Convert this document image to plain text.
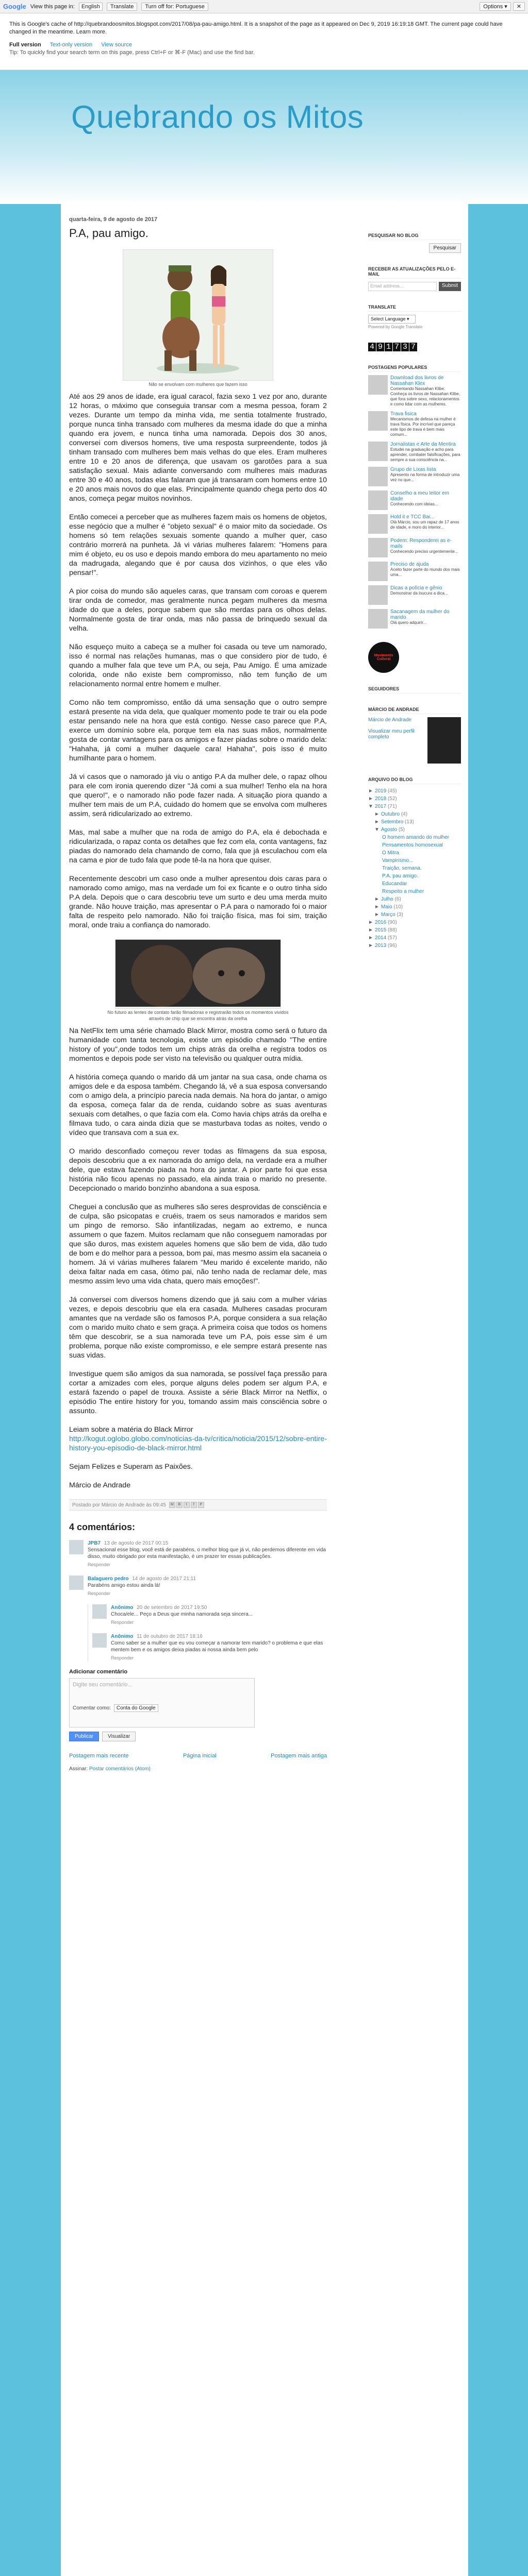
Google View this page in:	English	Translate	Turn off for: Portuguese	Options ▾	✕
This is Google's cache of http://quebrandoosmitos.blogspot.com/2017/08/pa-pau-amigo.html. It is a snapshot of the page as it appeared on Dec 9, 2019 16:19:18 GMT. The current page could have changed in the meantime. Learn more.
Full version Text-only version View source
Tip: To quickly find your search term on this page, press Ctrl+F or ⌘-F (Mac) and use the find bar.
Quebrando os Mitos
quarta-feira, 9 de agosto de 2017
P.A, pau amigo.
Não se envolvam com mulheres que fazem isso

Até aos 29 anos de idade, era igual caracol, fazia sexo 1 vez por ano, durante 12 horas, o máximo que conseguia transar com a mesma pessoa, foram 2 vezes. Durante um tempo da minha vida, me sentia totalmente frustrado, porque nunca tinha transado com mulheres da mesma idade do que a minha quando era jovem, e nunca tinha uma namorada. Depois dos 30 anos, conversei com diversos homens, tive uma resposta surpreendente, todos já tinham transado com mulheres bem mais velhas do que eles. Eram mulheres entre 10 e 20 anos de diferença, que usavam os garotões para a sua satisfação sexual. Mais adiante conversando com mulheres mais maduras entre 30 e 40 anos, todas elas falaram que já transaram com homens entre 10 e 20 anos mais novos do que elas. Principalmente quando chega perto dos 40 anos, começa pegar muitos novinhos.

Então comecei a perceber que as mulheres fazem mais os homens de objetos, esse negócio que a mulher é "objeto sexual" é o maior mito da sociedade. Os homens só tem relações sexuais somente quando a mulher quer, caso contrário morrerá na punheta. Já vi várias mulheres falarem: "Homens para mim é objeto, eu os uso e depois mando embora do meu apartamento no meio da madrugada, alegando que é por causa dos vizinhos, o que eles vão pensar!".

A pior coisa do mundo são aqueles caras, que transam com coroas e querem tirar onda de comedor, mas geralmente nunca pegam mulheres da mesma idade do que a deles, porque sabem que são merdas para os olhos delas. Normalmente gosta de tirar onda, mas não passa de brinquedo sexual da velha.

Não esqueço muito a cabeça se a mulher foi casada ou teve um namorado, isso é normal nas relações humanas, mas o que considero pior de tudo, é quando a mulher fala que teve um P.A, ou seja, Pau Amigo. É uma amizade colorida, onde não existe bem compromisso, não tem função de um relacionamento normal entre homem e mulher.

Como não tem compromisso, então dá uma sensação que o outro sempre estará presente na vida dela, que qualquer momento pode te trair ou ela pode estar pensando nele na hora que está contigo. Nesse caso parece que P.A, exerce um domínio sobre ela, porque tem ela nas suas mãos, normalmente gosta de contar vantagens para os amigos e fazer piadas sobre o marido dela: "Hahaha, já comi a mulher daquele cara! Hahaha", pois isso é muito humilhante para o homem.

Já vi casos que o namorado já viu o antigo P.A da mulher dele, o rapaz olhou para ele com ironia querendo dizer "Já comi a sua mulher! Tenho ela na hora que quero!", e o namorado não pode fazer nada. A situação piora quando a mulher tem mais de um P.A, cuidado do homem que se envolva com mulheres assim, será ridicularizado ao extremo.

Mas, mal sabe a mulher que na roda de amigo do P.A, ela é debochada e ridicularizada, o rapaz conta os detalhes que fez com ela, conta vantagens, faz piadas do namorado dela chamando de corno, fala que já esculachou com ela na cama e pior de tudo fala que pode tê-la na hora que quiser.

Recentemente descobri um caso onde a mulher apresentou dois caras para o namorado como amigo, mas na verdade um foi ex ficante e o outro tinha sido P.A dela. Depois que o cara descobriu teve um surto e deu uma merda muito grande. Não houve traição, mas apresentar o P.A para o namorado foi o maior falta de respeito pelo namorado. Não foi traição física, mas foi sim, traição moral, onde traiu a confiança do namorado.

No futuro as lentes de contato farão filmadoras e registrarão todos os momentos vividos
através de chip que se encontra atrás da orelha

Na NetFlix tem uma série chamado Black Mirror, mostra como será o futuro da humanidade com tanta tecnologia, existe um episódio chamado "The entire history of you",onde todos tem um chips atrás da orelha e registra todos os momentos e depois pode ser visto na televisão ou qualquer outra mídia.

A história começa quando o marido dá um jantar na sua casa, onde chama os amigos dele e da esposa também. Chegando lá, vê a sua esposa conversando com o amigo dela, a princípio parecia nada demais. Na hora do jantar, o amigo da esposa, começa falar da de renda, cuidando sobre as suas aventuras sexuais com detalhes, o que fazia com ela. Como havia chips atrás da orelha e filmava tudo, o cara ainda dizia que se masturbava todas as noites, vendo o vídeo que transava com a sua ex.

O marido desconfiado começou rever todas as filmagens da sua esposa, depois descobriu que a ex namorada do amigo dela, na verdade era a mulher dele, que estava fazendo piada na hora do jantar. A pior parte foi que essa história não ficou apenas no passado, ela ainda traia o marido no presente. Decepcionado o marido bonzinho abandona a sua esposa.

Cheguei a conclusão que as mulheres são seres desprovidas de consciência e de culpa, são psicopatas e cruéis, traem os seus namorados e maridos sem um pingo de remorso. São infantilizadas, negam ao extremo, e nunca assumem o que fazem. Muitos reclamam que não conseguem namoradas por que são duros, mas existem aqueles homens que são bem de vida, dão tudo de bom e do melhor para a pessoa, bom pai, mas mesmo assim ela sacaneia o homem. Já vi várias mulheres falarem "Meu marido é excelente marido, não deixa faltar nada em casa, ótimo pai, não tenho nada de reclamar dele, mas mesmo assim levo uma vida chata, quero mais emoções!".

Já conversei com diversos homens dizendo que já saiu com a mulher várias vezes, e depois descobriu que ela era casada. Mulheres casadas procuram amantes que na verdade são os famosos P.A, porque considera a sua relação com o marido muito chato e sem graça. A primeira coisa que todos os homens têm que descobrir, se a sua namorada teve um P.A, pois esse sim é um problema, porque não existe compromisso, e ele sempre estará presente nas suas vidas.

Investigue quem são amigos da sua namorada, se possível faça pressão para cortar a amizades com eles, porque alguns deles podem ser algum P.A, e estará fazendo o papel de trouxa. Assiste a série Black Mirror na Netflix, o episódio The entire history for you, tomando assim mais consciência sobre o assunto.

Leiam sobre a matéria do Black Mirror
http://kogut.oglobo.globo.com/noticias-da-tv/critica/noticia/2015/12/sobre-entire-history-you-episodio-de-black-mirror.html

Sejam Felizes e Superam as Paixões.

Márcio de Andrade

Postado por Márcio de Andrade às 09:45	M	B	t	f	P
4 comentários:
JPB7 13 de agosto de 2017 00:15
Sensacional esse blog, você está de parabéns, o melhor blog que já vi, não perdemos diferente em vida disso, muito obrigado por esta manifestação, é um prazer ter essas publicações.
Responder
Balaguero pedro 14 de agosto de 2017 21:11
Parabéns amigo estou ainda lá!
Responder
Anônimo 20 de setembro de 2017 19:50
Choca/ele... Peço a Deus que minha namorada seja sincera...
Responder
Anônimo 11 de outubro de 2017 18:16
Como saber se a mulher que eu vou começar a namorar tem marido? o problema e que elas mentem bem e os amigos deixa piadas ai nossa ainda bem pelo
Responder
Adicionar comentário
Digite seu comentário...
Comentar como:	Conta do Google
Publicar	Visualizar
Postagem mais recente	Página inicial	Postagem mais antiga
Assinar: Postar comentários (Atom)
PESQUISAR NO BLOG
Pesquisar
RECEBER AS ATUALIZAÇÕES PELO E-MAIL
Email address...	Submit
TRANSLATE
Select Language ▾
Powered by Google Translate
4 9 1 7 3 7
POSTAGENS POPULARES
Download dos livros de Nassahan Klex
Comentando Nassahan Klibe: Conheça os livros de Nassahan Klibe, que fora sobre sexo, relacionamentos e como lidar com as mulheres.
Trava fisica
Mecanismos de defesa na mulher é trava física. Por incrível que pareça este tipo de trava é bem mais comum...
Jornalistas e Arte da Mentira
Estudei na graduação e acho para aprender, combater falsificações, para sempre a sua consciência na...
Grupo de Lixas lista
Apresento na forma de introduzir uma vez no que...
Conselho a meu leitor em idade
Conhecendo com ideias...
Hold it e TCC Bai...
Olá Márcio, sou um rapaz de 17 anos de idade, e moro do interior...
Podem: Responderei as e-mails
Conhecendo preciso urgentemente...
Preciso de ajuda
Aceito fazer parte do mundo dos mais uma...
Dicas a polícia e gênio
Demonstrar da loucura a dica...
Sacanagem da mulher do marido
Olá quero adquirir...
Movimento Cultural
SEGUIDORES
MÁRCIO DE ANDRADE
Márcio de Andrade

Visualizar meu perfil completo
ARQUIVO DO BLOG
► 2019 (45)
► 2018 (52)
▼ 2017 (71)
► Outubro (4)
► Setembro (13)
▼ Agosto (5)
O homem amando do mulher
Pensamentos homosexual
O Mitra
Vampirismo...
Traição, semana.
P.A, pau amigo.
Educandar
Respeito a mulher
► Julho (6)
► Maio (10)
► Março (3)
► 2016 (90)
► 2015 (88)
► 2014 (57)
► 2013 (96)
